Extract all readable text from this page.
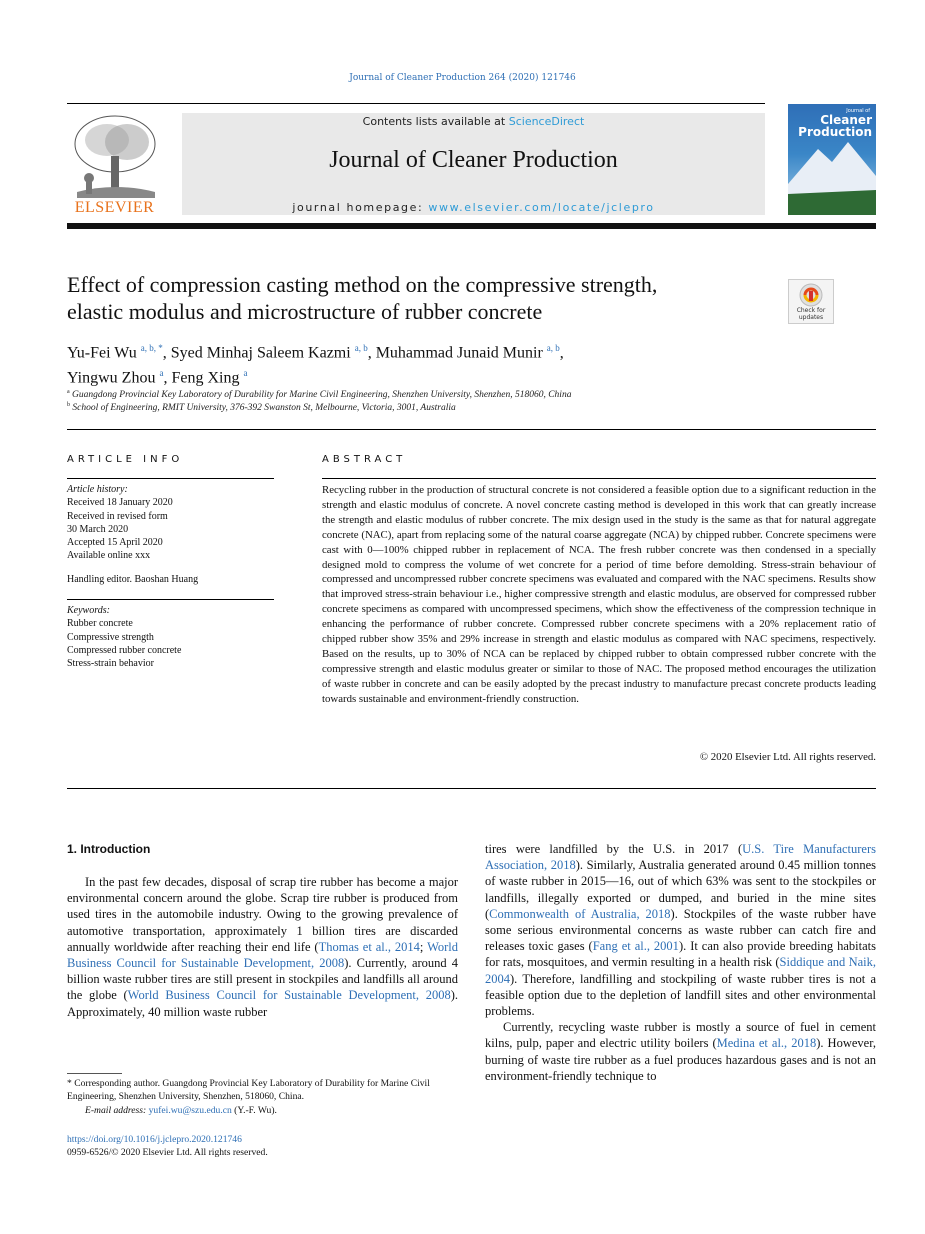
Journal of Cleaner Production 264 (2020) 121746
ELSEVIER
Contents lists available at ScienceDirect
Journal of Cleaner Production
journal homepage: www.elsevier.com/locate/jclepro
Journal of
Cleaner
Production
Effect of compression casting method on the compressive strength,
elastic modulus and microstructure of rubber concrete	Check for
updates
Yu-Fei Wu $^{a, b, *}$, Syed Minhaj Saleem Kazmi $^{a, b}$, Muhammad Junaid Munir $^{a, b}$,
Yingwu Zhou $^a$, Feng Xing $^a$
$^a$ Guangdong Provincial Key Laboratory of Durability for Marine Civil Engineering, Shenzhen University, Shenzhen, 518060, China
$^b$ School of Engineering, RMIT University, 376-392 Swanston St, Melbourne, Victoria, 3001, Australia
ARTICLE INFO
Article history:
Received 18 January 2020
Received in revised form
30 March 2020
Accepted 15 April 2020
Available online xxx
Handling editor. Baoshan Huang
Keywords:
Rubber concrete
Compressive strength
Compressed rubber concrete
Stress-strain behavior
ABSTRACT
Recycling rubber in the production of structural concrete is not considered a feasible option due to a significant reduction in the strength and elastic modulus of concrete. A novel concrete casting method is developed in this work that can greatly increase the strength and elastic modulus of rubber concrete. The mix design used in the study is the same as that for natural aggregate concrete (NAC), apart from replacing some of the natural coarse aggregate (NCA) by chipped rubber. Concrete specimens were cast with 0—100% chipped rubber in replacement of NCA. The fresh rubber concrete was then condensed in a specially designed mold to compress the volume of wet concrete for a period of time before demolding. Stress-strain behaviour of compressed and uncompressed rubber concrete specimens was evaluated and compared with the NAC specimens. Results show that improved stress-strain behaviour i.e., higher compressive strength and elastic modulus, are observed for compressed rubber concrete specimens as compared with uncompressed specimens, which show the effectiveness of the compression technique in enhancing the performance of rubber concrete. Compressed rubber concrete specimens with a 20% replacement ratio of chipped rubber show 35% and 29% increase in strength and elastic modulus as compared with NAC specimens, respectively. Based on the results, up to 30% of NCA can be replaced by chipped rubber to obtain compressed rubber concrete with the compressive strength and elastic modulus greater or similar to those of NAC. The proposed method encourages the utilization of waste rubber in concrete and can be easily adopted by the precast industry to manufacture precast concrete products leading towards sustainable and environment-friendly construction.
© 2020 Elsevier Ltd. All rights reserved.
1. Introduction

In the past few decades, disposal of scrap tire rubber has become a major environmental concern around the globe. Scrap tire rubber is produced from used tires in the automobile industry. Owing to the growing prevalence of automotive transportation, approximately 1 billion tires are discarded annually worldwide after reaching their end life (Thomas et al., 2014; World Business Council for Sustainable Development, 2008). Currently, around 4 billion waste rubber tires are still present in stockpiles and landfills all around the globe (World Business Council for Sustainable Development, 2008). Approximately, 40 million waste rubber

tires were landfilled by the U.S. in 2017 (U.S. Tire Manufacturers Association, 2018). Similarly, Australia generated around 0.45 million tonnes of waste rubber in 2015—16, out of which 63% was sent to the stockpiles or landfills, illegally exported or dumped, and buried in the mine sites (Commonwealth of Australia, 2018). Stockpiles of the waste rubber have some serious environmental concerns as waste rubber can catch fire and releases toxic gases (Fang et al., 2001). It can also provide breeding habitats for rats, mosquitoes, and vermin resulting in a health risk (Siddique and Naik, 2004). Therefore, landfilling and stockpiling of waste rubber tires is not a feasible option due to the depletion of landfill sites and other environmental problems.

Currently, recycling waste rubber is mostly a source of fuel in cement kilns, pulp, paper and electric utility boilers (Medina et al., 2018). However, burning of waste tire rubber as a fuel produces hazardous gases and is not an environment-friendly technique to

* Corresponding author. Guangdong Provincial Key Laboratory of Durability for Marine Civil Engineering, Shenzhen University, Shenzhen, 518060, China.
E-mail address: yufei.wu@szu.edu.cn (Y.-F. Wu).
https://doi.org/10.1016/j.jclepro.2020.121746
0959-6526/© 2020 Elsevier Ltd. All rights reserved.
